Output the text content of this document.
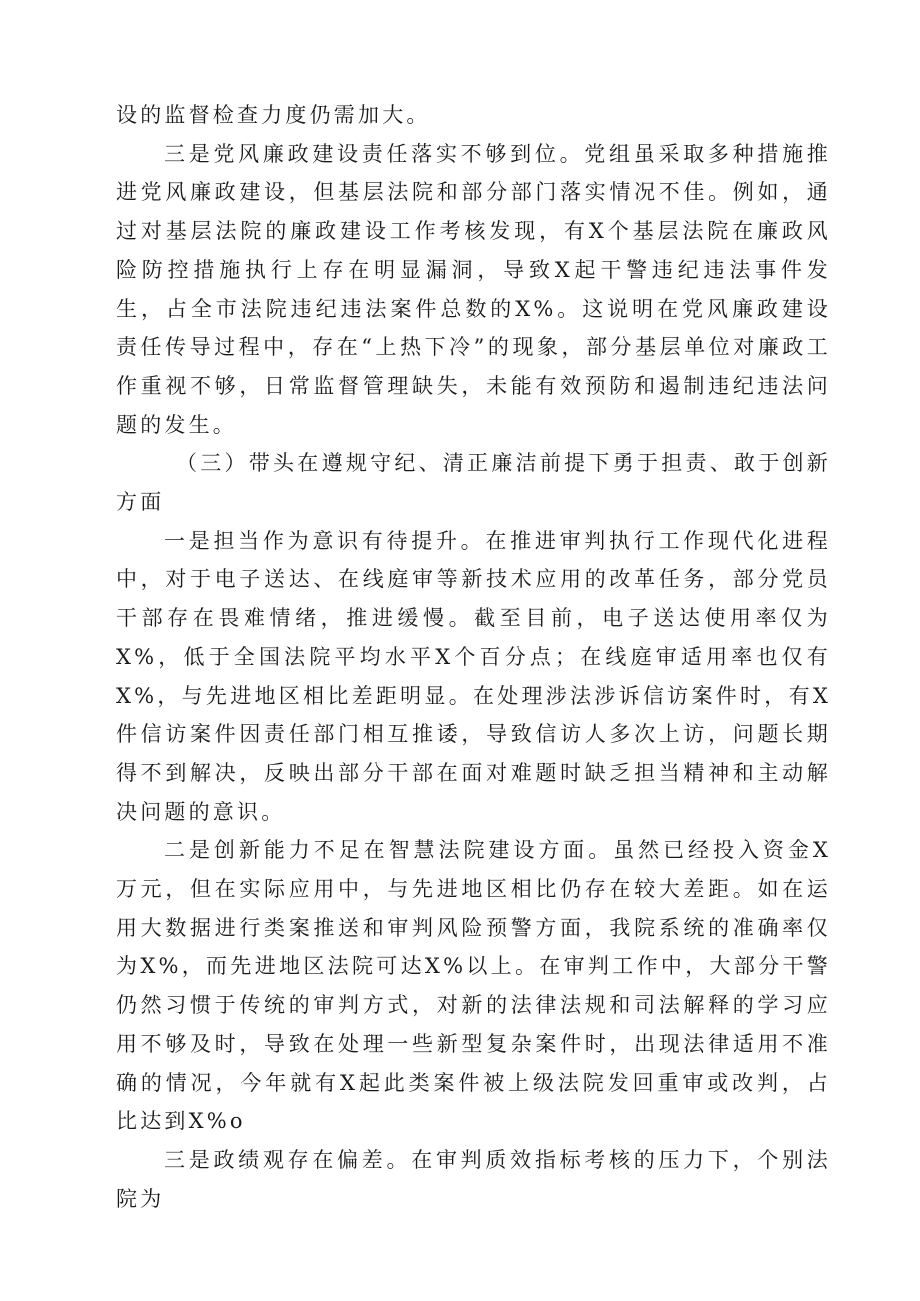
设的监督检查力度仍需加大。

三是党风廉政建设责任落实不够到位。党组虽采取多种措施推进党风廉政建设，但基层法院和部分部门落实情况不佳。例如，通过对基层法院的廉政建设工作考核发现，有X个基层法院在廉政风险防控措施执行上存在明显漏洞，导致X起干警违纪违法事件发生，占全市法院违纪违法案件总数的X%。这说明在党风廉政建设责任传导过程中，存在“上热下冷”的现象，部分基层单位对廉政工作重视不够，日常监督管理缺失，未能有效预防和遏制违纪违法问题的发生。

（三）带头在遵规守纪、清正廉洁前提下勇于担责、敢于创新方面

一是担当作为意识有待提升。在推进审判执行工作现代化进程中，对于电子送达、在线庭审等新技术应用的改革任务，部分党员干部存在畏难情绪，推进缓慢。截至目前，电子送达使用率仅为X%，低于全国法院平均水平X个百分点；在线庭审适用率也仅有X%，与先进地区相比差距明显。在处理涉法涉诉信访案件时，有X件信访案件因责任部门相互推诿，导致信访人多次上访，问题长期得不到解决，反映出部分干部在面对难题时缺乏担当精神和主动解决问题的意识。

二是创新能力不足在智慧法院建设方面。虽然已经投入资金X万元，但在实际应用中，与先进地区相比仍存在较大差距。如在运用大数据进行类案推送和审判风险预警方面，我院系统的准确率仅为X%，而先进地区法院可达X%以上。在审判工作中，大部分干警仍然习惯于传统的审判方式，对新的法律法规和司法解释的学习应用不够及时，导致在处理一些新型复杂案件时，出现法律适用不准确的情况，今年就有X起此类案件被上级法院发回重审或改判，占比达到X%o

三是政绩观存在偏差。在审判质效指标考核的压力下，个别法院为
